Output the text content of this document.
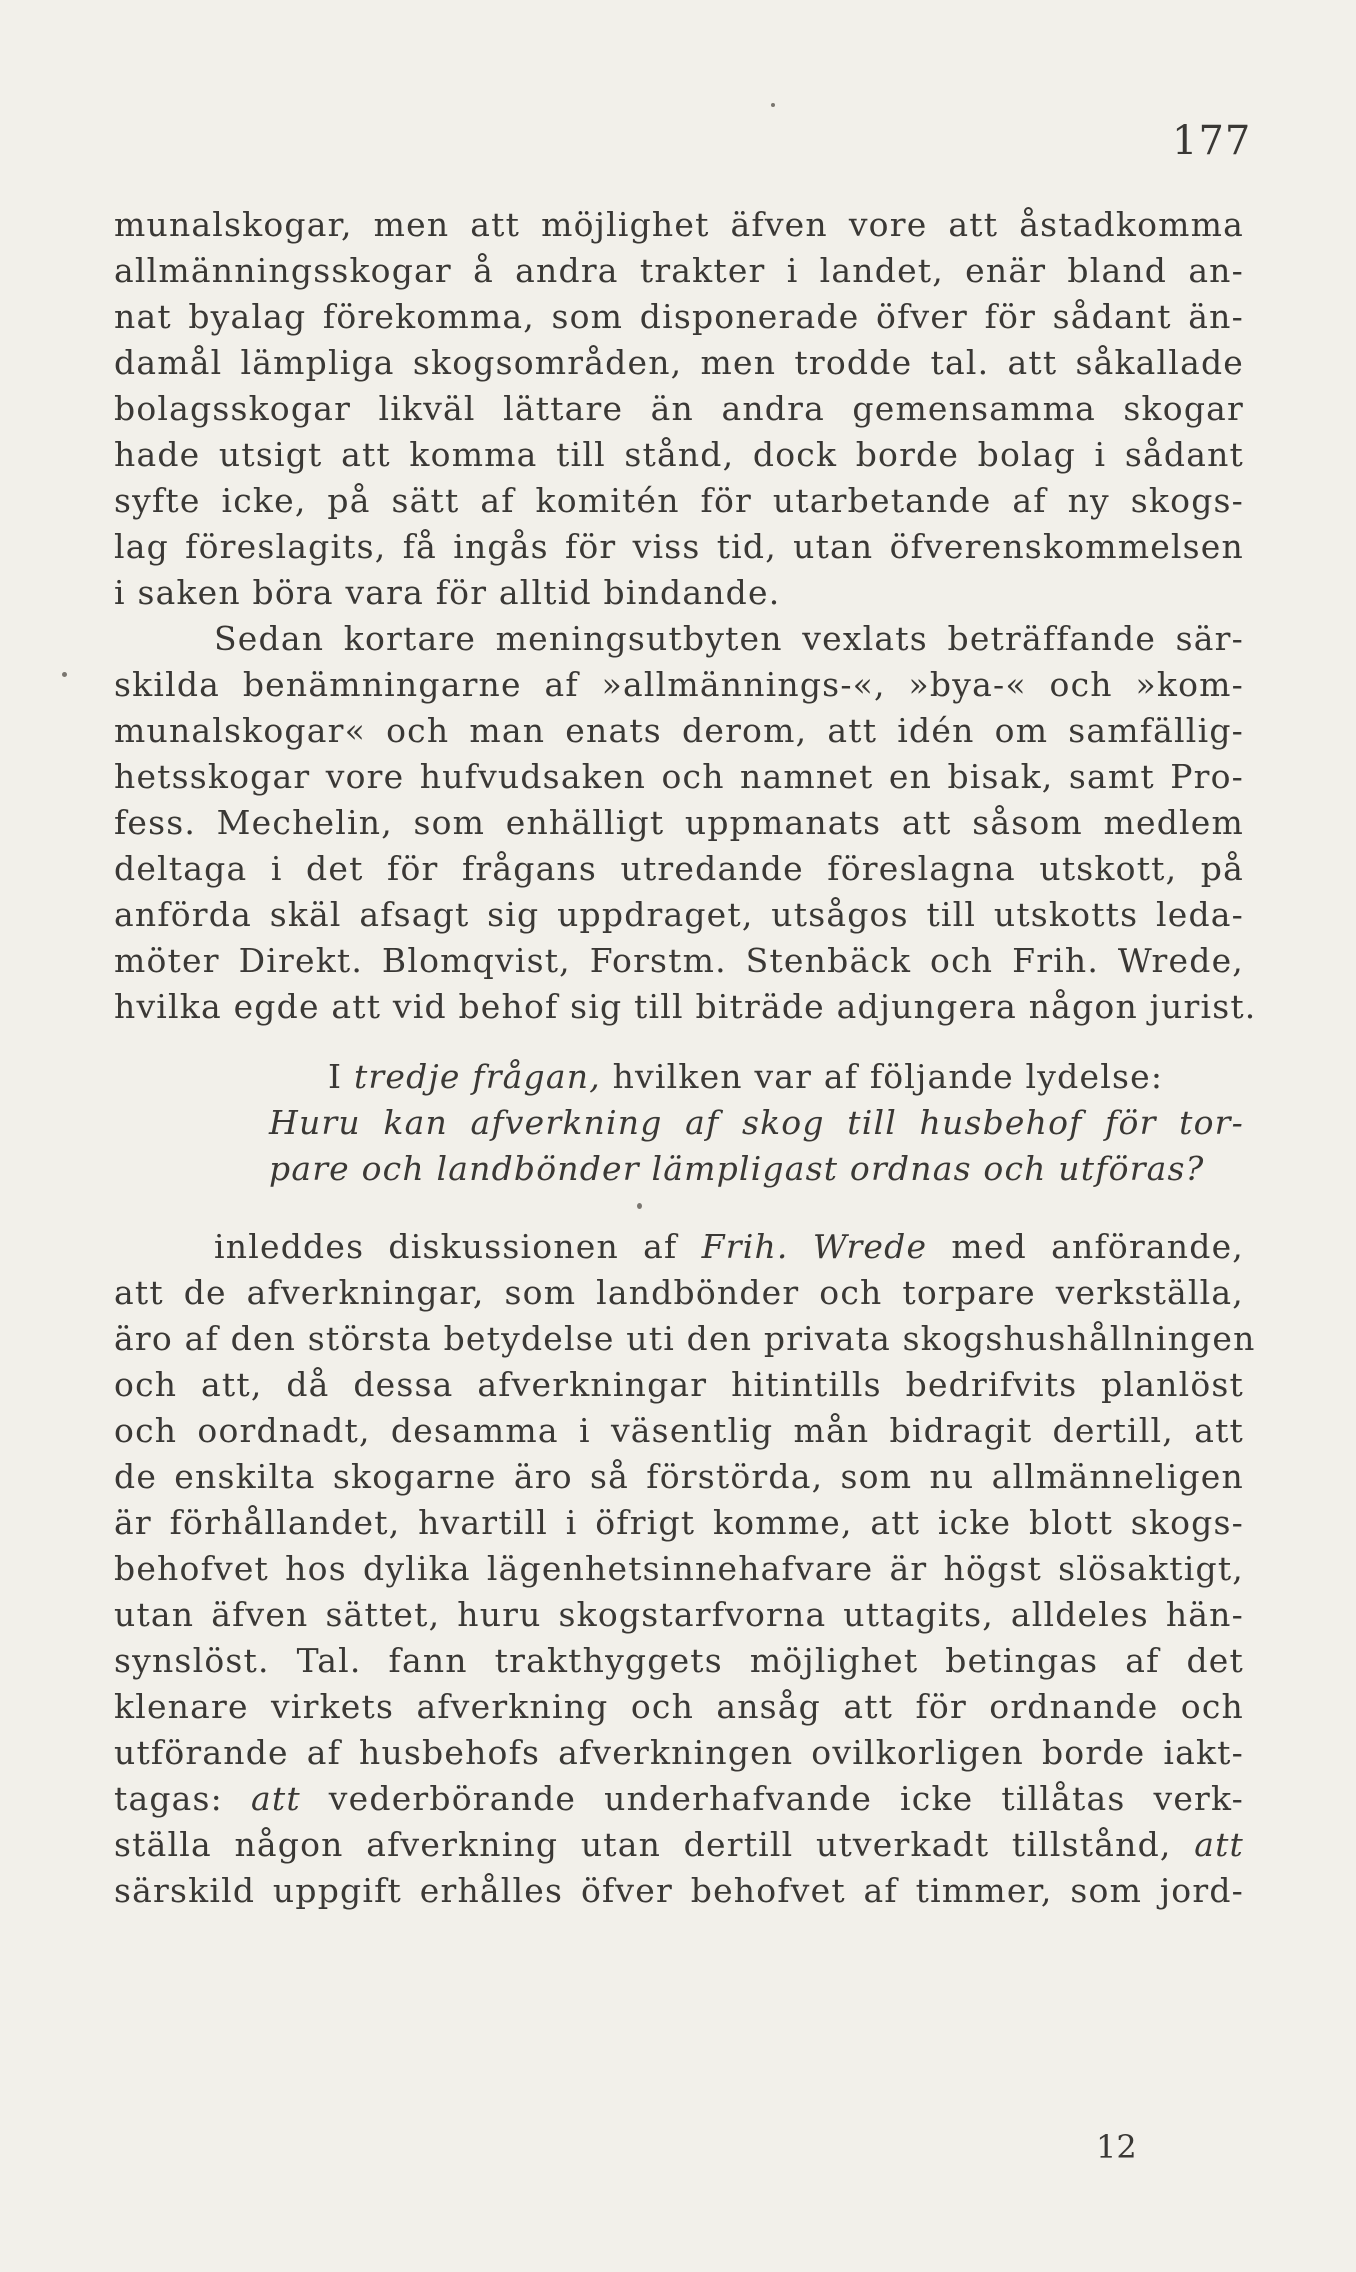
177
munalskogar, men att möjlighet äfven vore att åstadkomma
allmänningsskogar å andra trakter i landet, enär bland an-
nat byalag förekomma, som disponerade öfver för sådant än-
damål lämpliga skogsområden, men trodde tal. att såkallade
bolagsskogar likväl lättare än andra gemensamma skogar
hade utsigt att komma till stånd, dock borde bolag i sådant
syfte icke, på sätt af komitén för utarbetande af ny skogs-
lag föreslagits, få ingås för viss tid, utan öfverenskommelsen
i saken böra vara för alltid bindande.
Sedan kortare meningsutbyten vexlats beträffande sär-
skilda benämningarne af »allmännings-«, »bya-« och »kom-
munalskogar« och man enats derom, att idén om samfällig-
hetsskogar vore hufvudsaken och namnet en bisak, samt Pro-
fess. Mechelin, som enhälligt uppmanats att såsom medlem
deltaga i det för frågans utredande föreslagna utskott, på
anförda skäl afsagt sig uppdraget, utsågos till utskotts leda-
möter Direkt. Blomqvist, Forstm. Stenbäck och Frih. Wrede,
hvilka egde att vid behof sig till biträde adjungera någon jurist.
I tredje frågan, hvilken var af följande lydelse:
Huru kan afverkning af skog till husbehof för tor-
pare och landbönder lämpligast ordnas och utföras?
inleddes diskussionen af Frih. Wrede med anförande,
att de afverkningar, som landbönder och torpare verkställa,
äro af den största betydelse uti den privata skogshushållningen
och att, då dessa afverkningar hitintills bedrifvits planlöst
och oordnadt, desamma i väsentlig mån bidragit dertill, att
de enskilta skogarne äro så förstörda, som nu allmänneligen
är förhållandet, hvartill i öfrigt komme, att icke blott skogs-
behofvet hos dylika lägenhetsinnehafvare är högst slösaktigt,
utan äfven sättet, huru skogstarfvorna uttagits, alldeles hän-
synslöst. Tal. fann trakthyggets möjlighet betingas af det
klenare virkets afverkning och ansåg att för ordnande och
utförande af husbehofs afverkningen ovilkorligen borde iakt-
tagas: att vederbörande underhafvande icke tillåtas verk-
ställa någon afverkning utan dertill utverkadt tillstånd, att
särskild uppgift erhålles öfver behofvet af timmer, som jord-
12
